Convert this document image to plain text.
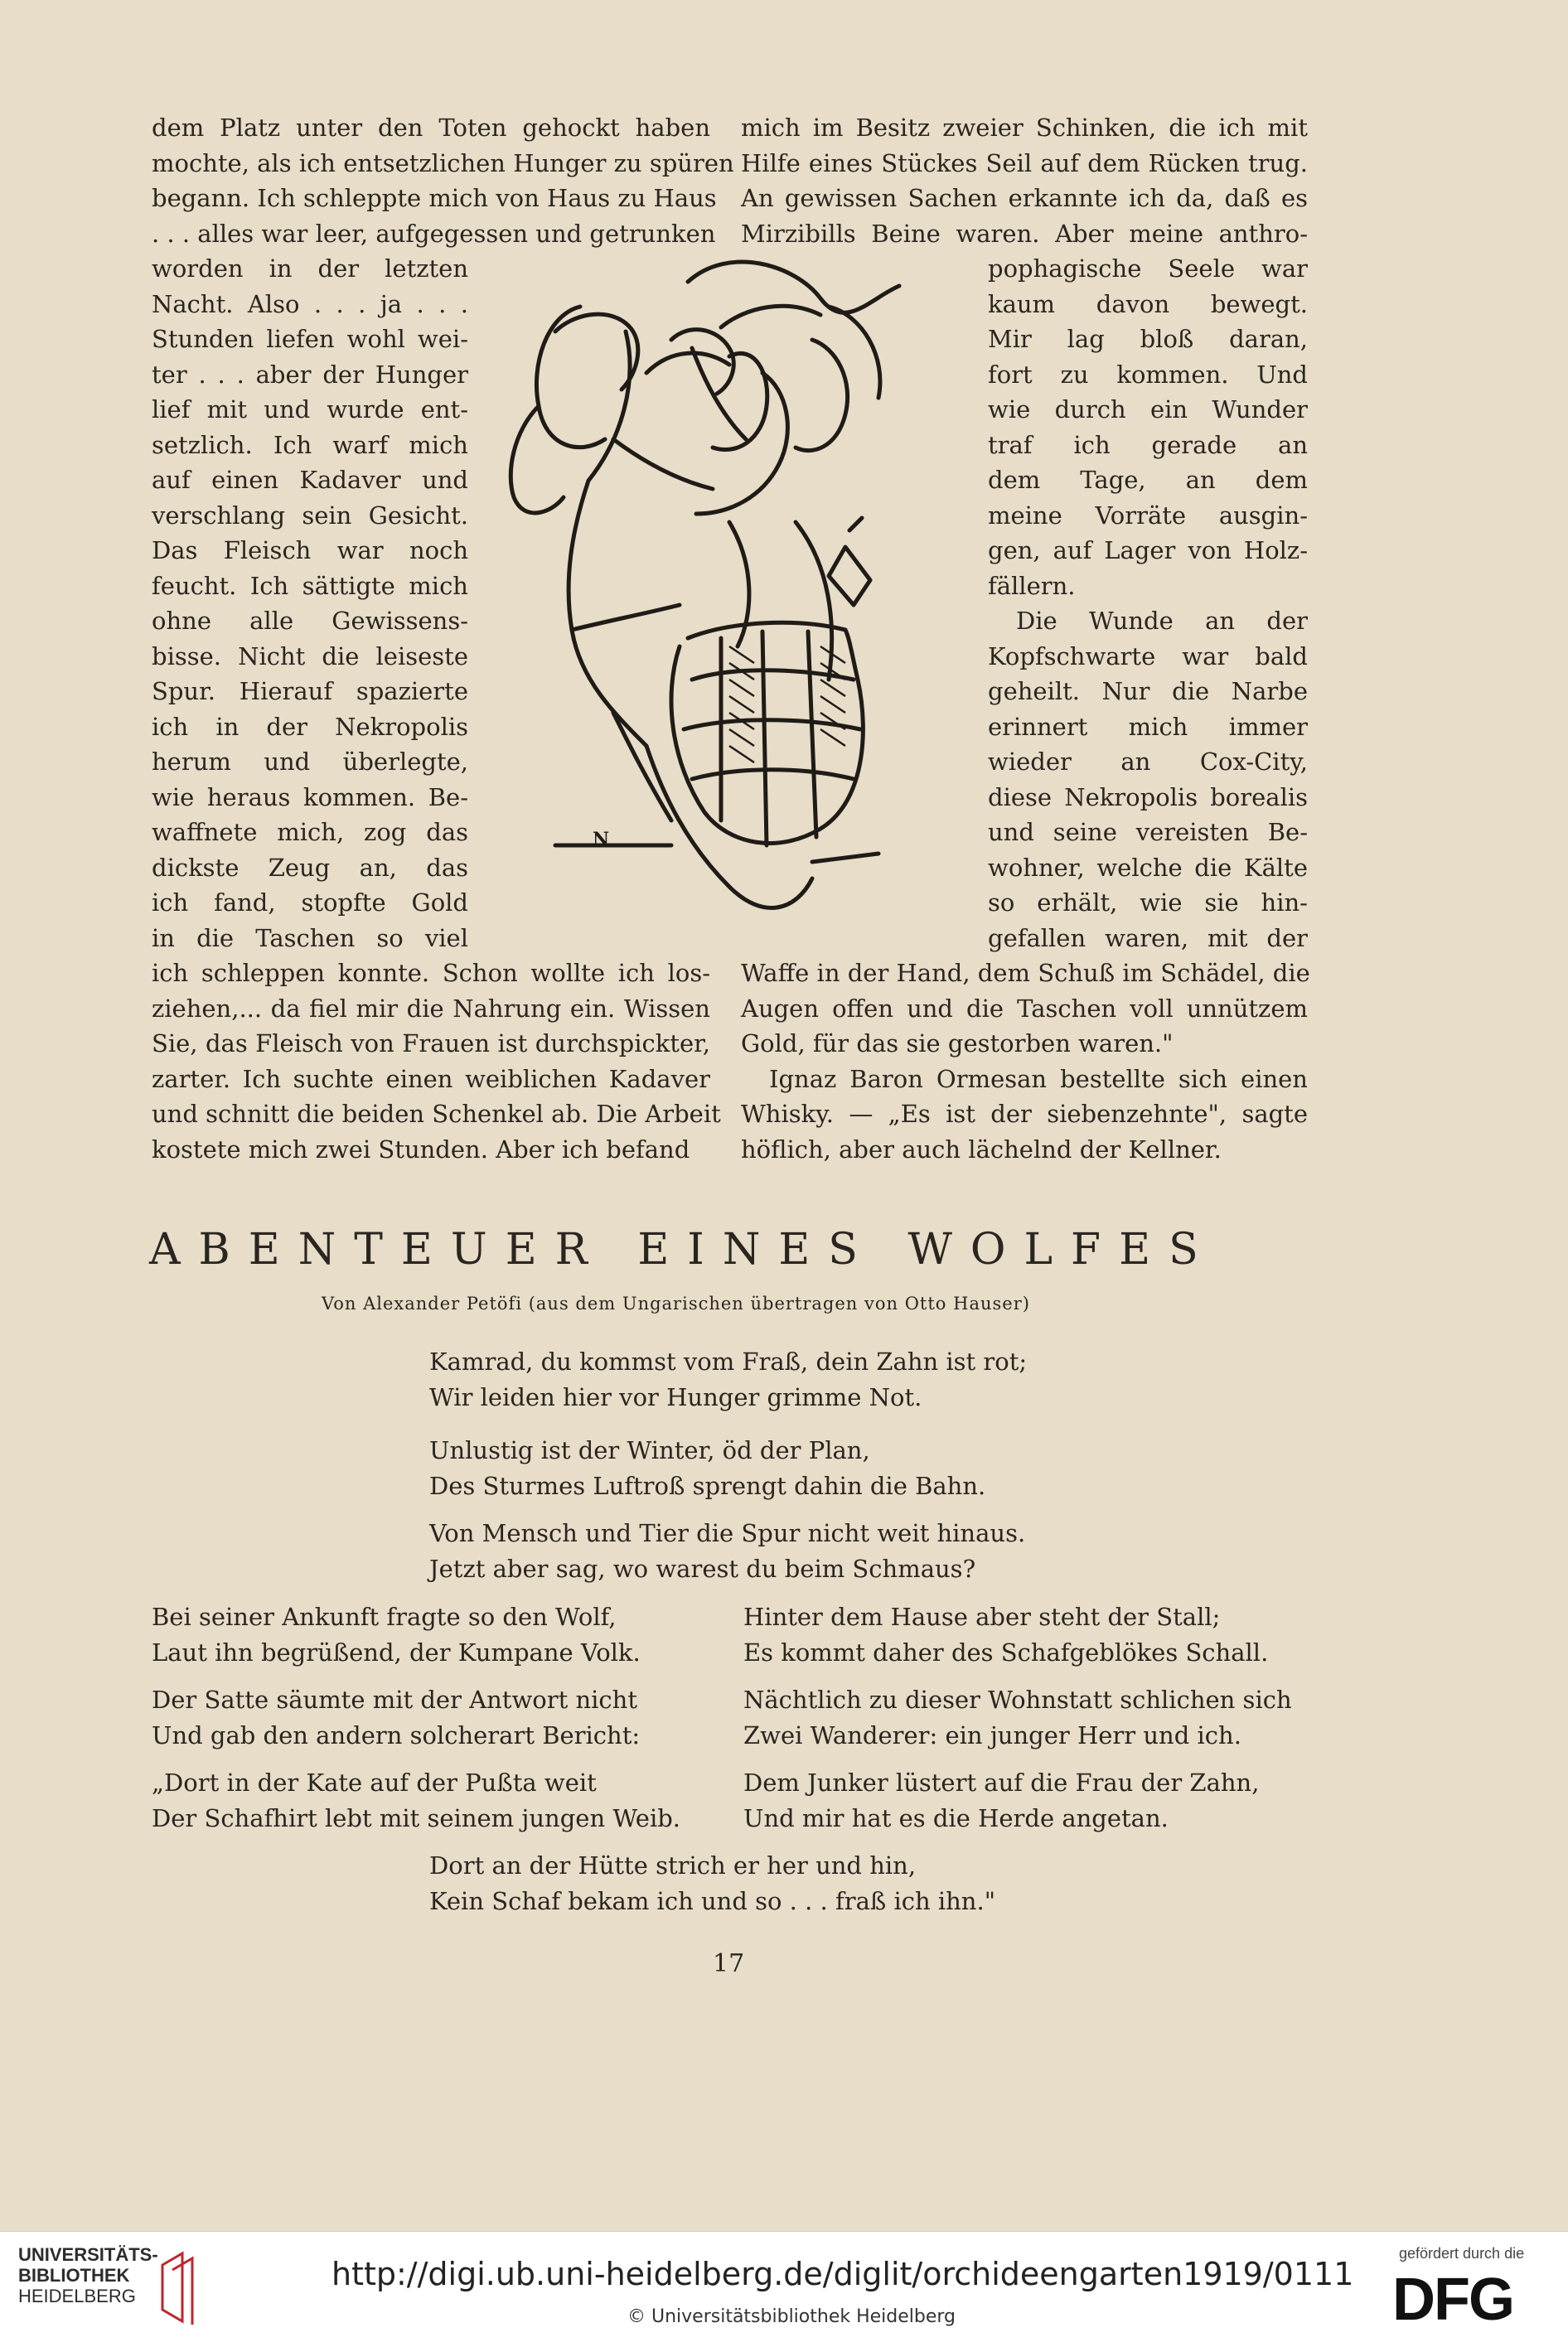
dem Platz unter den Toten gehockt haben
mochte, als ich entsetzlichen Hunger zu spüren
begann. Ich schleppte mich von Haus zu Haus
. . . alles war leer, aufgegessen und getrunken
worden in der letzten
Nacht. Also . . . ja . . .
Stunden liefen wohl wei-
ter . . . aber der Hunger
lief mit und wurde ent-
setzlich. Ich warf mich
auf einen Kadaver und
verschlang sein Gesicht.
Das Fleisch war noch
feucht. Ich sättigte mich
ohne alle Gewissens-
bisse. Nicht die leiseste
Spur. Hierauf spazierte
ich in der Nekropolis
herum und überlegte,
wie heraus kommen. Be-
waffnete mich, zog das
dickste Zeug an, das
ich fand, stopfte Gold
in die Taschen so viel
ich schleppen konnte. Schon wollte ich los-
ziehen,... da fiel mir die Nahrung ein. Wissen
Sie, das Fleisch von Frauen ist durchspickter,
zarter. Ich suchte einen weiblichen Kadaver
und schnitt die beiden Schenkel ab. Die Arbeit
kostete mich zwei Stunden. Aber ich befand
mich im Besitz zweier Schinken, die ich mit
Hilfe eines Stückes Seil auf dem Rücken trug.
An gewissen Sachen erkannte ich da, daß es
Mirzibills Beine waren. Aber meine anthro-
pophagische Seele war
kaum davon bewegt.
Mir lag bloß daran,
fort zu kommen. Und
wie durch ein Wunder
traf ich gerade an
dem Tage, an dem
meine Vorräte ausgin-
gen, auf Lager von Holz-
fällern.
Die Wunde an der
Kopfschwarte war bald
geheilt. Nur die Narbe
erinnert mich immer
wieder an Cox-City,
diese Nekropolis borealis
und seine vereisten Be-
wohner, welche die Kälte
so erhält, wie sie hin-
gefallen waren, mit der
Waffe in der Hand, dem Schuß im Schädel, die
Augen offen und die Taschen voll unnützem
Gold, für das sie gestorben waren."
Ignaz Baron Ormesan bestellte sich einen
Whisky. — „Es ist der siebenzehnte", sagte
höflich, aber auch lächelnd der Kellner.
N
ABENTEUER EINES WOLFES
Von Alexander Petöfi (aus dem Ungarischen übertragen von Otto Hauser)
Kamrad, du kommst vom Fraß, dein Zahn ist rot;
Wir leiden hier vor Hunger grimme Not.
Unlustig ist der Winter, öd der Plan,
Des Sturmes Luftroß sprengt dahin die Bahn.
Von Mensch und Tier die Spur nicht weit hinaus.
Jetzt aber sag, wo warest du beim Schmaus?
Bei seiner Ankunft fragte so den Wolf,
Laut ihn begrüßend, der Kumpane Volk.
Der Satte säumte mit der Antwort nicht
Und gab den andern solcherart Bericht:
„Dort in der Kate auf der Pußta weit
Der Schafhirt lebt mit seinem jungen Weib.
Hinter dem Hause aber steht der Stall;
Es kommt daher des Schafgeblökes Schall.
Nächtlich zu dieser Wohnstatt schlichen sich
Zwei Wanderer: ein junger Herr und ich.
Dem Junker lüstert auf die Frau der Zahn,
Und mir hat es die Herde angetan.
Dort an der Hütte strich er her und hin,
Kein Schaf bekam ich und so . . . fraß ich ihn."
17
UNIVERSITÄTS-
BIBLIOTHEK
HEIDELBERG
http://digi.ub.uni-heidelberg.de/diglit/orchideengarten1919/0111
© Universitätsbibliothek Heidelberg
gefördert durch die
DFG
